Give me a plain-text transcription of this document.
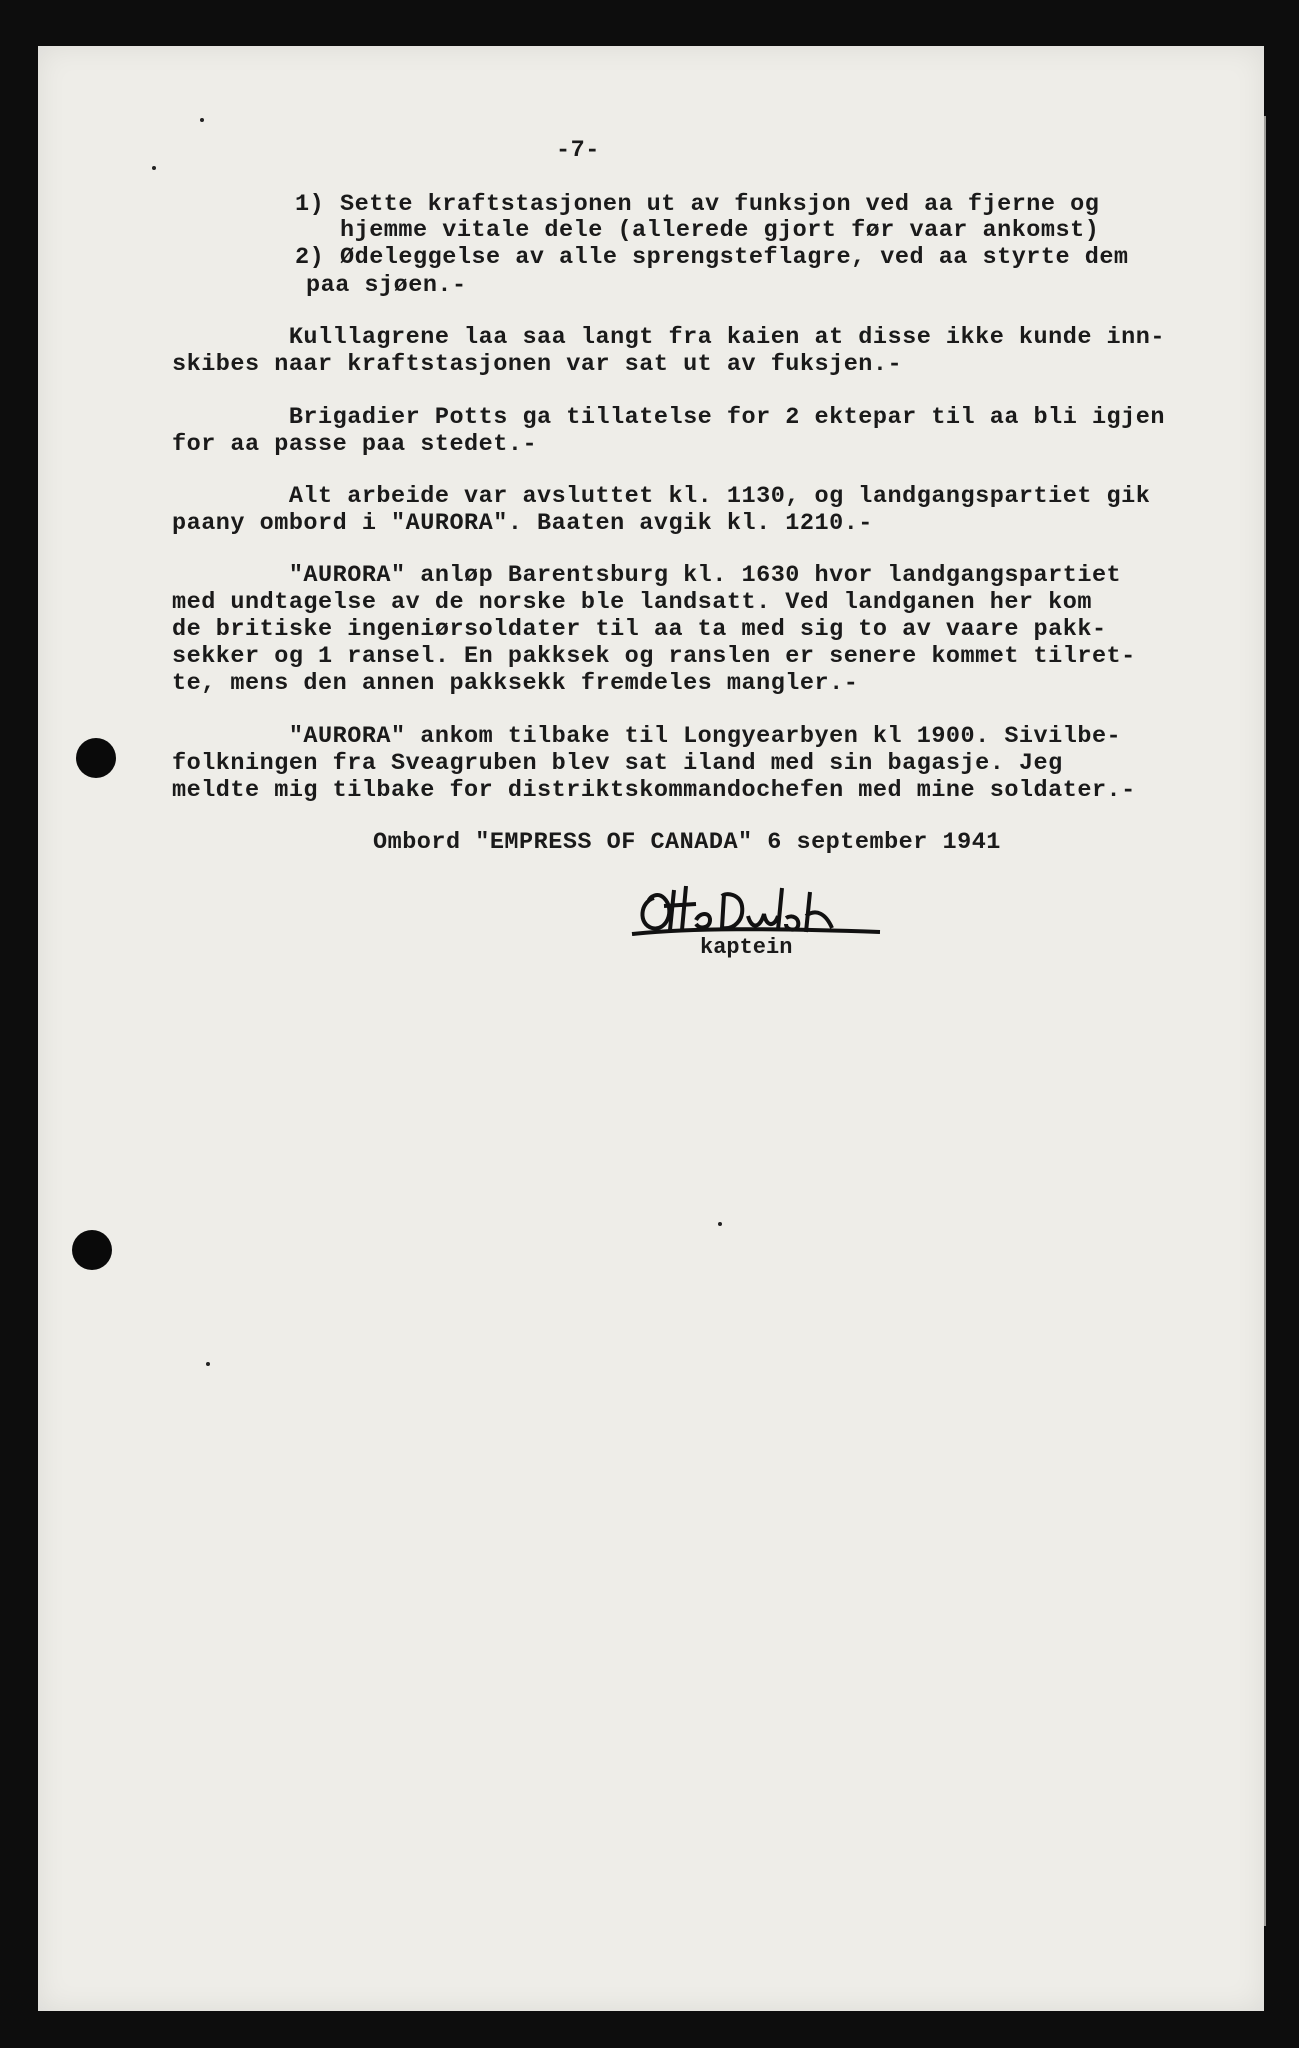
-7-
1) Sette kraftstasjonen ut av funksjon ved aa fjerne og
hjemme vitale dele (allerede gjort før vaar ankomst)
2) Ødeleggelse av alle sprengsteflagre, ved aa styrte dem
paa sjøen.-
Kulllagrene laa saa langt fra kaien at disse ikke kunde inn-
skibes naar kraftstasjonen var sat ut av fuksjen.-
Brigadier Potts ga tillatelse for 2 ektepar til aa bli igjen
for aa passe paa stedet.-
Alt arbeide var avsluttet kl. 1130, og landgangspartiet gik
paany ombord i "AURORA". Baaten avgik kl. 1210.-
"AURORA" anløp Barentsburg kl. 1630 hvor landgangspartiet
med undtagelse av de norske ble landsatt. Ved landganen her kom
de britiske ingeniørsoldater til aa ta med sig to av vaare pakk-
sekker og 1 ransel. En pakksek og ranslen er senere kommet tilret-
te, mens den annen pakksekk fremdeles mangler.-
"AURORA" ankom tilbake til Longyearbyen kl 1900. Sivilbe-
folkningen fra Sveagruben blev sat iland med sin bagasje. Jeg
meldte mig tilbake for distriktskommandochefen med mine soldater.-
Ombord "EMPRESS OF CANADA" 6 september 1941
kaptein
